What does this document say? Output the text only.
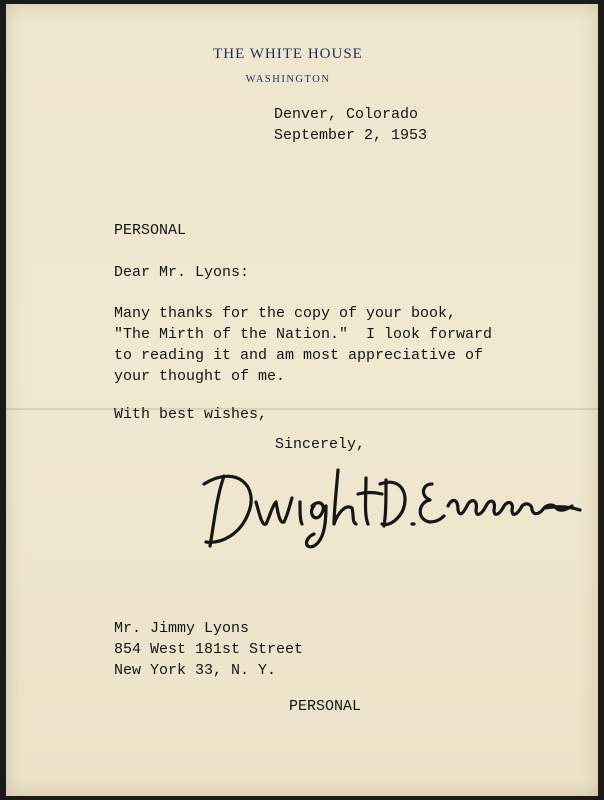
THE WHITE HOUSE
WASHINGTON
Denver, Colorado
September 2, 1953
PERSONAL
Dear Mr. Lyons:
Many thanks for the copy of your book,
"The Mirth of the Nation."  I look forward
to reading it and am most appreciative of
your thought of me.
With best wishes,
Sincerely,
Mr. Jimmy Lyons
854 West 181st Street
New York 33, N. Y.
PERSONAL
